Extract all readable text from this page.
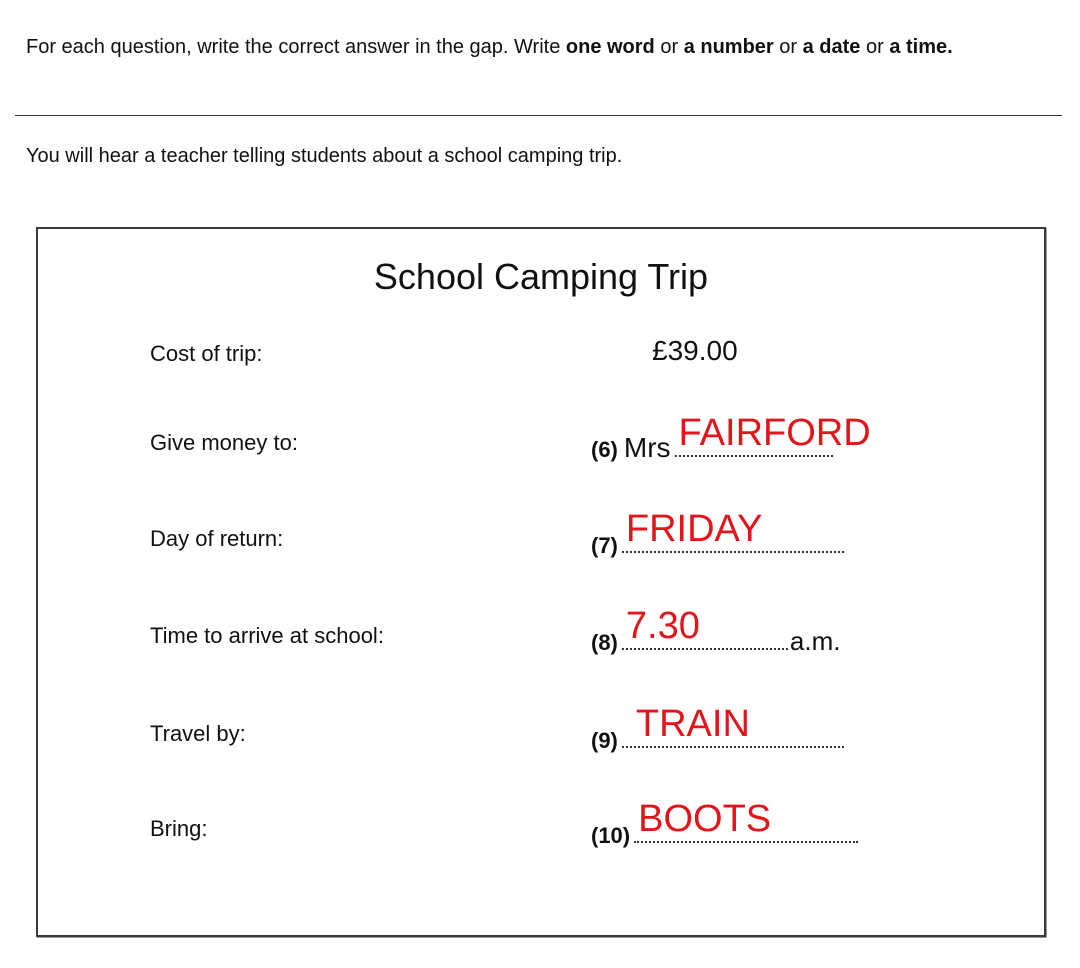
For each question, write the correct answer in the gap. Write one word or a number or a date or a time.
You will hear a teacher telling students about a school camping trip.
School Camping Trip
Cost of trip:	£39.00
Give money to:	(6) Mrs FAIRFORD
Day of return:	(7) FRIDAY
Time to arrive at school:	(8) 7.30	a.m.
Travel by:	(9) TRAIN
Bring:	(10) BOOTS
